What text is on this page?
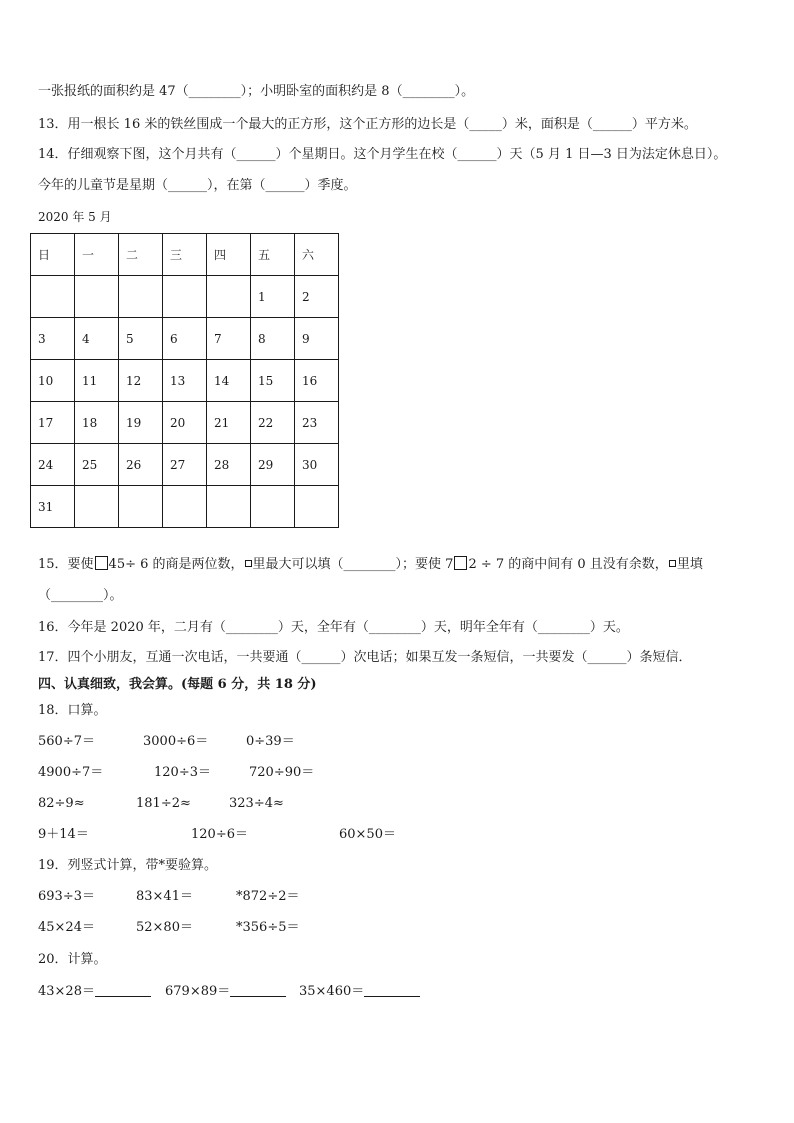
一张报纸的面积约是 47（________）；小明卧室的面积约是 8（________）。
13．用一根长 16 米的铁丝围成一个最大的正方形，这个正方形的边长是（_____）米，面积是（______）平方米。
14．仔细观察下图，这个月共有（______）个星期日。这个月学生在校（______）天（5 月 1 日—3 日为法定休息日）。
今年的儿童节是星期（______），在第（______）季度。
2020 年 5 月
日	一	二	三	四	五	六
					1	2
3	4	5	6	7	8	9
10	11	12	13	14	15	16
17	18	19	20	21	22	23
24	25	26	27	28	29	30
31						
15．要使 45÷ 6 的商是两位数， 里最大可以填（________）；要使 7 2 ÷ 7 的商中间有 0 且没有余数， 里填
（________）。
16．今年是 2020 年，二月有（________）天，全年有（________）天，明年全年有（________）天。
17．四个小朋友，互通一次电话，一共要通（______）次电话；如果互发一条短信，一共要发（______）条短信．
四、认真细致，我会算。(每题 6 分，共 18 分)
18．口算。
560÷7＝	3000÷6＝	0÷39＝
4900÷7＝	120÷3＝	720÷90＝
82÷9≈	181÷2≈	323÷4≈
9＋14＝	120÷6＝	60×50＝
19．列竖式计算，带*要验算。
693÷3＝	83×41＝	*872÷2＝
45×24＝	52×80＝	*356÷5＝
20．计算。
43×28＝	679×89＝	35×460＝
